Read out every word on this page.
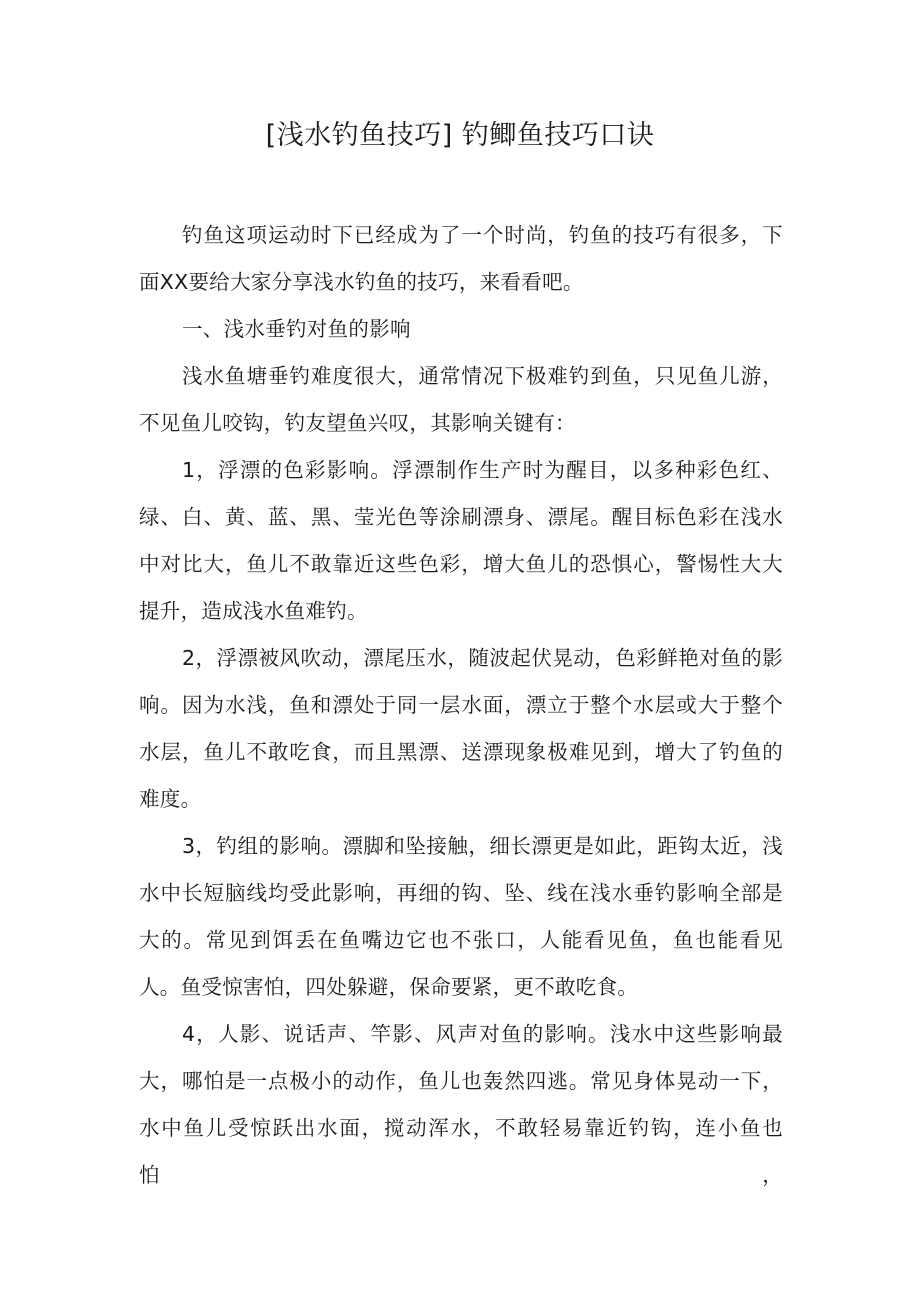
[浅水钓鱼技巧] 钓鲫鱼技巧口诀

钓鱼这项运动时下已经成为了一个时尚，钓鱼的技巧有很多，下面XX要给大家分享浅水钓鱼的技巧，来看看吧。

一、浅水垂钓对鱼的影响

浅水鱼塘垂钓难度很大，通常情况下极难钓到鱼，只见鱼儿游，不见鱼儿咬钩，钓友望鱼兴叹，其影响关键有：

1，浮漂的色彩影响。浮漂制作生产时为醒目，以多种彩色红、绿、白、黄、蓝、黑、莹光色等涂刷漂身、漂尾。醒目标色彩在浅水中对比大，鱼儿不敢靠近这些色彩，增大鱼儿的恐惧心，警惕性大大提升，造成浅水鱼难钓。

2，浮漂被风吹动，漂尾压水，随波起伏晃动，色彩鲜艳对鱼的影响。因为水浅，鱼和漂处于同一层水面，漂立于整个水层或大于整个水层，鱼儿不敢吃食，而且黑漂、送漂现象极难见到，增大了钓鱼的难度。

3，钓组的影响。漂脚和坠接触，细长漂更是如此，距钩太近，浅水中长短脑线均受此影响，再细的钩、坠、线在浅水垂钓影响全部是大的。常见到饵丢在鱼嘴边它也不张口，人能看见鱼，鱼也能看见人。鱼受惊害怕，四处躲避，保命要紧，更不敢吃食。

4，人影、说话声、竿影、风声对鱼的影响。浅水中这些影响最大，哪怕是一点极小的动作，鱼儿也轰然四逃。常见身体晃动一下，水中鱼儿受惊跃出水面，搅动浑水，不敢轻易靠近钓钩，连小鱼也怕，
